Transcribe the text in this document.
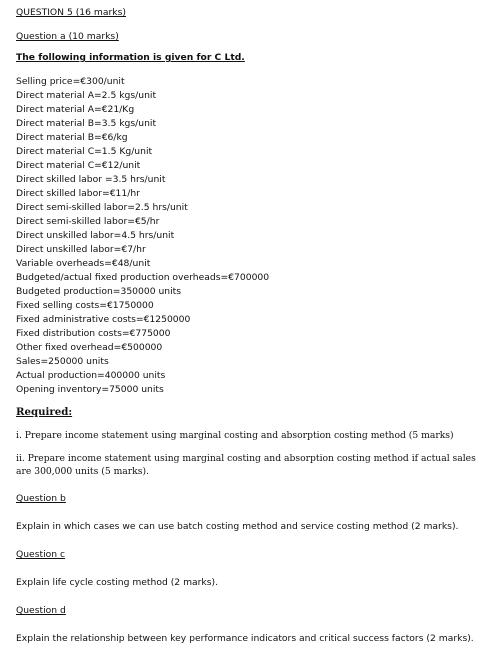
QUESTION 5 (16 marks)
Question a (10 marks)
The following information is given for C Ltd.
Selling price=€300/unit
Direct material A=2.5 kgs/unit
Direct material A=€21/Kg
Direct material B=3.5 kgs/unit
Direct material B=€6/kg
Direct material C=1.5 Kg/unit
Direct material C=€12/unit
Direct skilled labor =3.5 hrs/unit
Direct skilled labor=€11/hr
Direct semi-skilled labor=2.5 hrs/unit
Direct semi-skilled labor=€5/hr
Direct unskilled labor=4.5 hrs/unit
Direct unskilled labor=€7/hr
Variable overheads=€48/unit
Budgeted/actual fixed production overheads=€700000
Budgeted production=350000 units
Fixed selling costs=€1750000
Fixed administrative costs=€1250000
Fixed distribution costs=€775000
Other fixed overhead=€500000
Sales=250000 units
Actual production=400000 units
Opening inventory=75000 units
Required:
i. Prepare income statement using marginal costing and absorption costing method (5 marks)
ii. Prepare income statement using marginal costing and absorption costing method if actual sales are 300,000 units (5 marks).
Question b
Explain in which cases we can use batch costing method and service costing method (2 marks).
Question c
Explain life cycle costing method (2 marks).
Question d
Explain the relationship between key performance indicators and critical success factors (2 marks).
